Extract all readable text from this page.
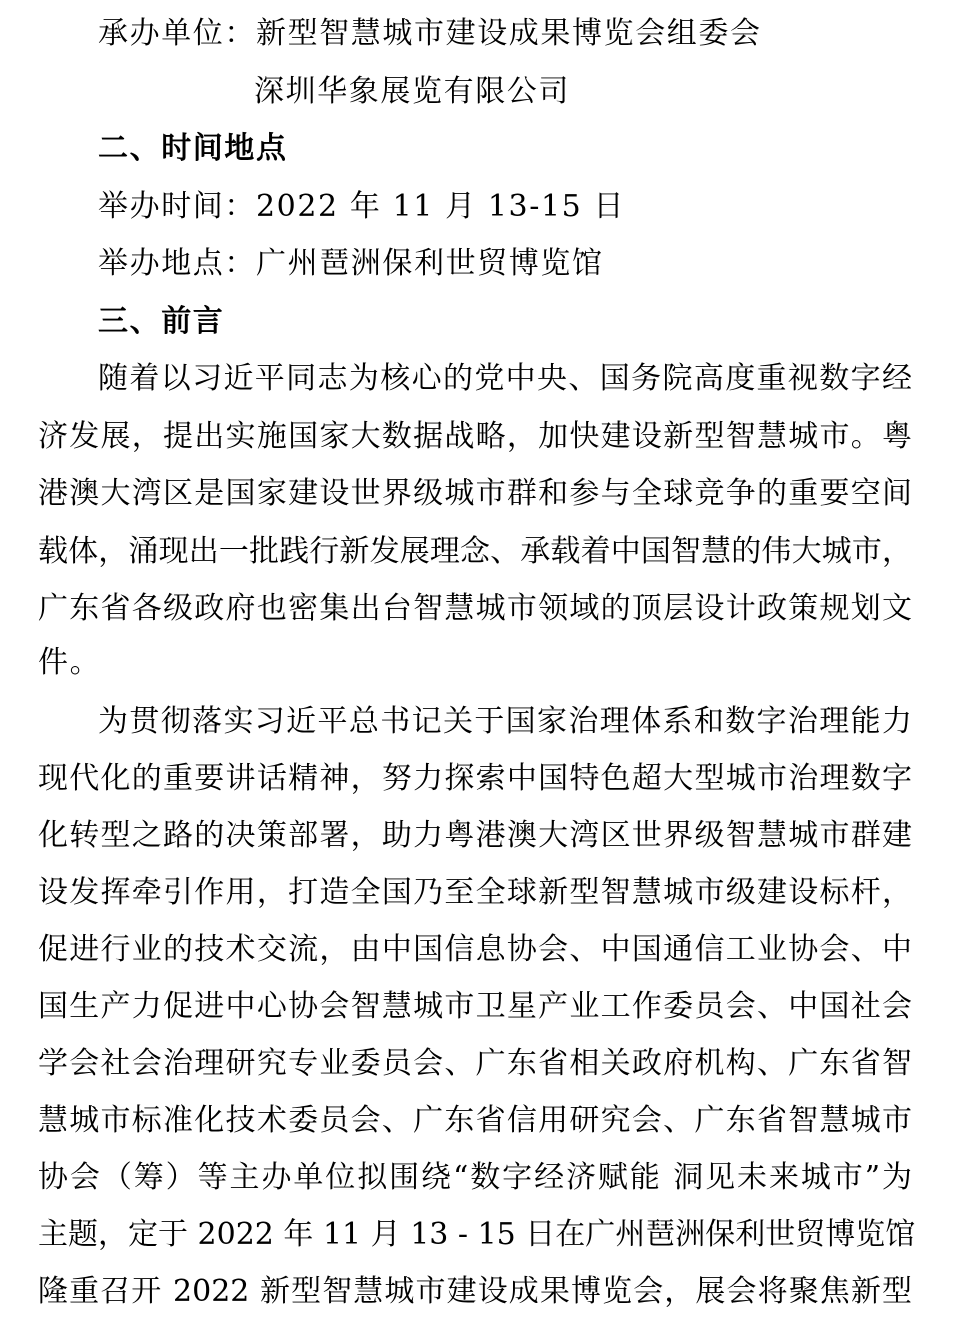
承办单位：新型智慧城市建设成果博览会组委会
深圳华象展览有限公司
二、时间地点
举办时间：2022 年 11 月 13-15 日
举办地点：广州琶洲保利世贸博览馆
三、前言
随着以习近平同志为核心的党中央、国务院高度重视数字经
济发展，提出实施国家大数据战略，加快建设新型智慧城市。粤
港澳大湾区是国家建设世界级城市群和参与全球竞争的重要空间
载体，涌现出一批践行新发展理念、承载着中国智慧的伟大城市，
广东省各级政府也密集出台智慧城市领域的顶层设计政策规划文
件。
为贯彻落实习近平总书记关于国家治理体系和数字治理能力
现代化的重要讲话精神，努力探索中国特色超大型城市治理数字
化转型之路的决策部署，助力粤港澳大湾区世界级智慧城市群建
设发挥牵引作用，打造全国乃至全球新型智慧城市级建设标杆，
促进行业的技术交流，由中国信息协会、中国通信工业协会、中
国生产力促进中心协会智慧城市卫星产业工作委员会、中国社会
学会社会治理研究专业委员会、广东省相关政府机构、广东省智
慧城市标准化技术委员会、广东省信用研究会、广东省智慧城市
协会（筹）等主办单位拟围绕“数字经济赋能 洞见未来城市”为
主题，定于 2022 年 11 月 13 - 15 日在广州琶洲保利世贸博览馆
隆重召开 2022 新型智慧城市建设成果博览会，展会将聚焦新型
